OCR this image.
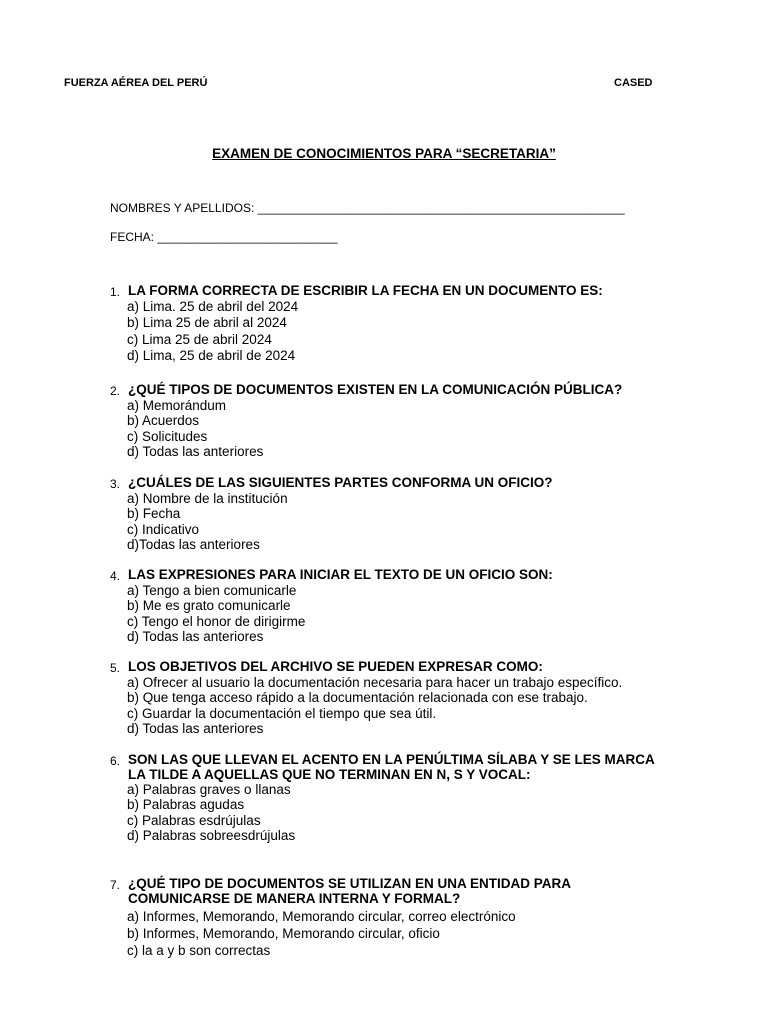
FUERZA AÉREA DEL PERÚ	CASED
EXAMEN DE CONOCIMIENTOS PARA “SECRETARIA”
NOMBRES Y APELLIDOS: _______________________________________________________
FECHA: ___________________________
1. LA FORMA CORRECTA DE ESCRIBIR LA FECHA EN UN DOCUMENTO ES:
a) Lima. 25 de abril del 2024
b) Lima 25 de abril al 2024
c) Lima 25 de abril 2024
d) Lima, 25 de abril de 2024
2. ¿QUÉ TIPOS DE DOCUMENTOS EXISTEN EN LA COMUNICACIÓN PÚBLICA?
a) Memorándum
b) Acuerdos
c) Solicitudes
d) Todas las anteriores
3. ¿CUÁLES DE LAS SIGUIENTES PARTES CONFORMA UN OFICIO?
a) Nombre de la institución
b) Fecha
c) Indicativo
d)Todas las anteriores
4. LAS EXPRESIONES PARA INICIAR EL TEXTO DE UN OFICIO SON:
a) Tengo a bien comunicarle
b) Me es grato comunicarle
c) Tengo el honor de dirigirme
d) Todas las anteriores
5. LOS OBJETIVOS DEL ARCHIVO SE PUEDEN EXPRESAR COMO:
a) Ofrecer al usuario la documentación necesaria para hacer un trabajo específico.
b) Que tenga acceso rápido a la documentación relacionada con ese trabajo.
c) Guardar la documentación el tiempo que sea útil.
d) Todas las anteriores
6. SON LAS QUE LLEVAN EL ACENTO EN LA PENÚLTIMA SÍLABA Y SE LES MARCA LA TILDE A AQUELLAS QUE NO TERMINAN EN N, S Y VOCAL:
a) Palabras graves o llanas
b) Palabras agudas
c) Palabras esdrújulas
d) Palabras sobreesdrújulas
7. ¿QUÉ TIPO DE DOCUMENTOS SE UTILIZAN EN UNA ENTIDAD PARA COMUNICARSE DE MANERA INTERNA Y FORMAL?
a) Informes, Memorando, Memorando circular, correo electrónico
b) Informes, Memorando, Memorando circular, oficio
c) la a y b son correctas
